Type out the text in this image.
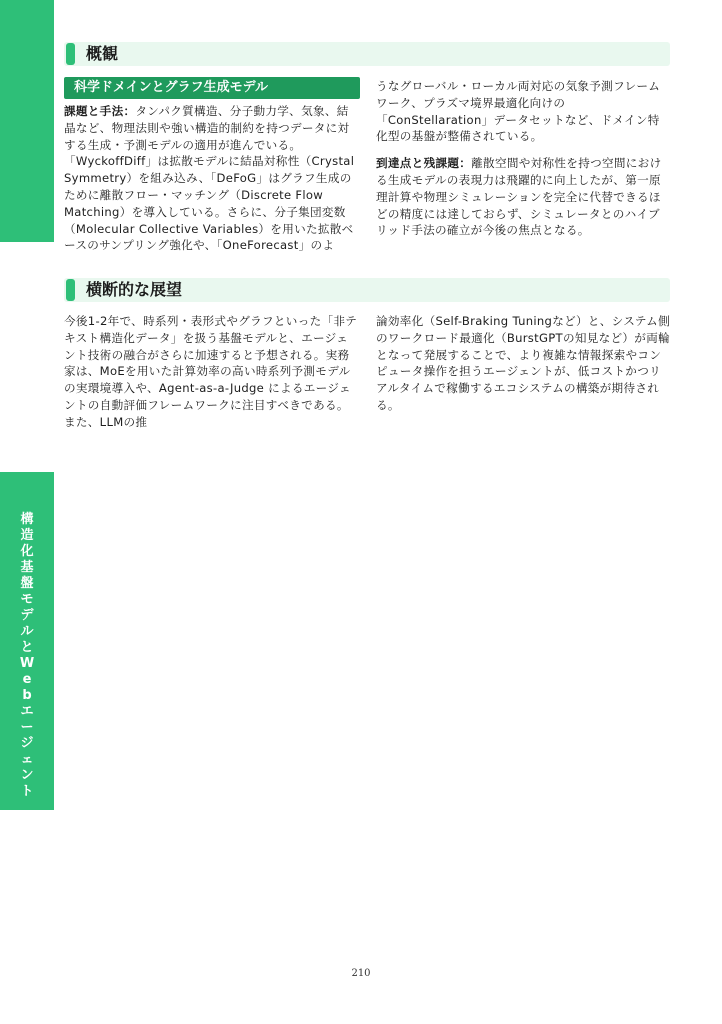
構
造
化
基
盤
モ
デ
ル
と
W
e
b
エ
ー
ジ
ェ
ン
ト
概観
科学ドメインとグラフ生成モデル

課題と手法：タンパク質構造、分子動力学、気象、結晶など、物理法則や強い構造的制約を持つデータに対する生成・予測モデルの適用が進んでいる。「WyckoffDiff」は拡散モデルに結晶対称性（Crystal Symmetry）を組み込み、「DeFoG」はグラフ生成のために離散フロー・マッチング（Discrete Flow Matching）を導入している。さらに、分子集団変数（Molecular Collective Variables）を用いた拡散ベースのサンプリング強化や、「OneForecast」のよ

うなグローバル・ローカル両対応の気象予測フレームワーク、プラズマ境界最適化向けの「ConStellaration」データセットなど、ドメイン特化型の基盤が整備されている。

到達点と残課題：離散空間や対称性を持つ空間における生成モデルの表現力は飛躍的に向上したが、第一原理計算や物理シミュレーションを完全に代替できるほどの精度には達しておらず、シミュレータとのハイブリッド手法の確立が今後の焦点となる。

横断的な展望

今後1-2年で、時系列・表形式やグラフといった「非テキスト構造化データ」を扱う基盤モデルと、エージェント技術の融合がさらに加速すると予想される。実務家は、MoEを用いた計算効率の高い時系列予測モデルの実環境導入や、Agent-as-a-Judge によるエージェントの自動評価フレームワークに注目すべきである。また、LLMの推

論効率化（Self-Braking Tuningなど）と、システム側のワークロード最適化（BurstGPTの知見など）が両輪となって発展することで、より複雑な情報探索やコンピュータ操作を担うエージェントが、低コストかつリアルタイムで稼働するエコシステムの構築が期待される。

210
